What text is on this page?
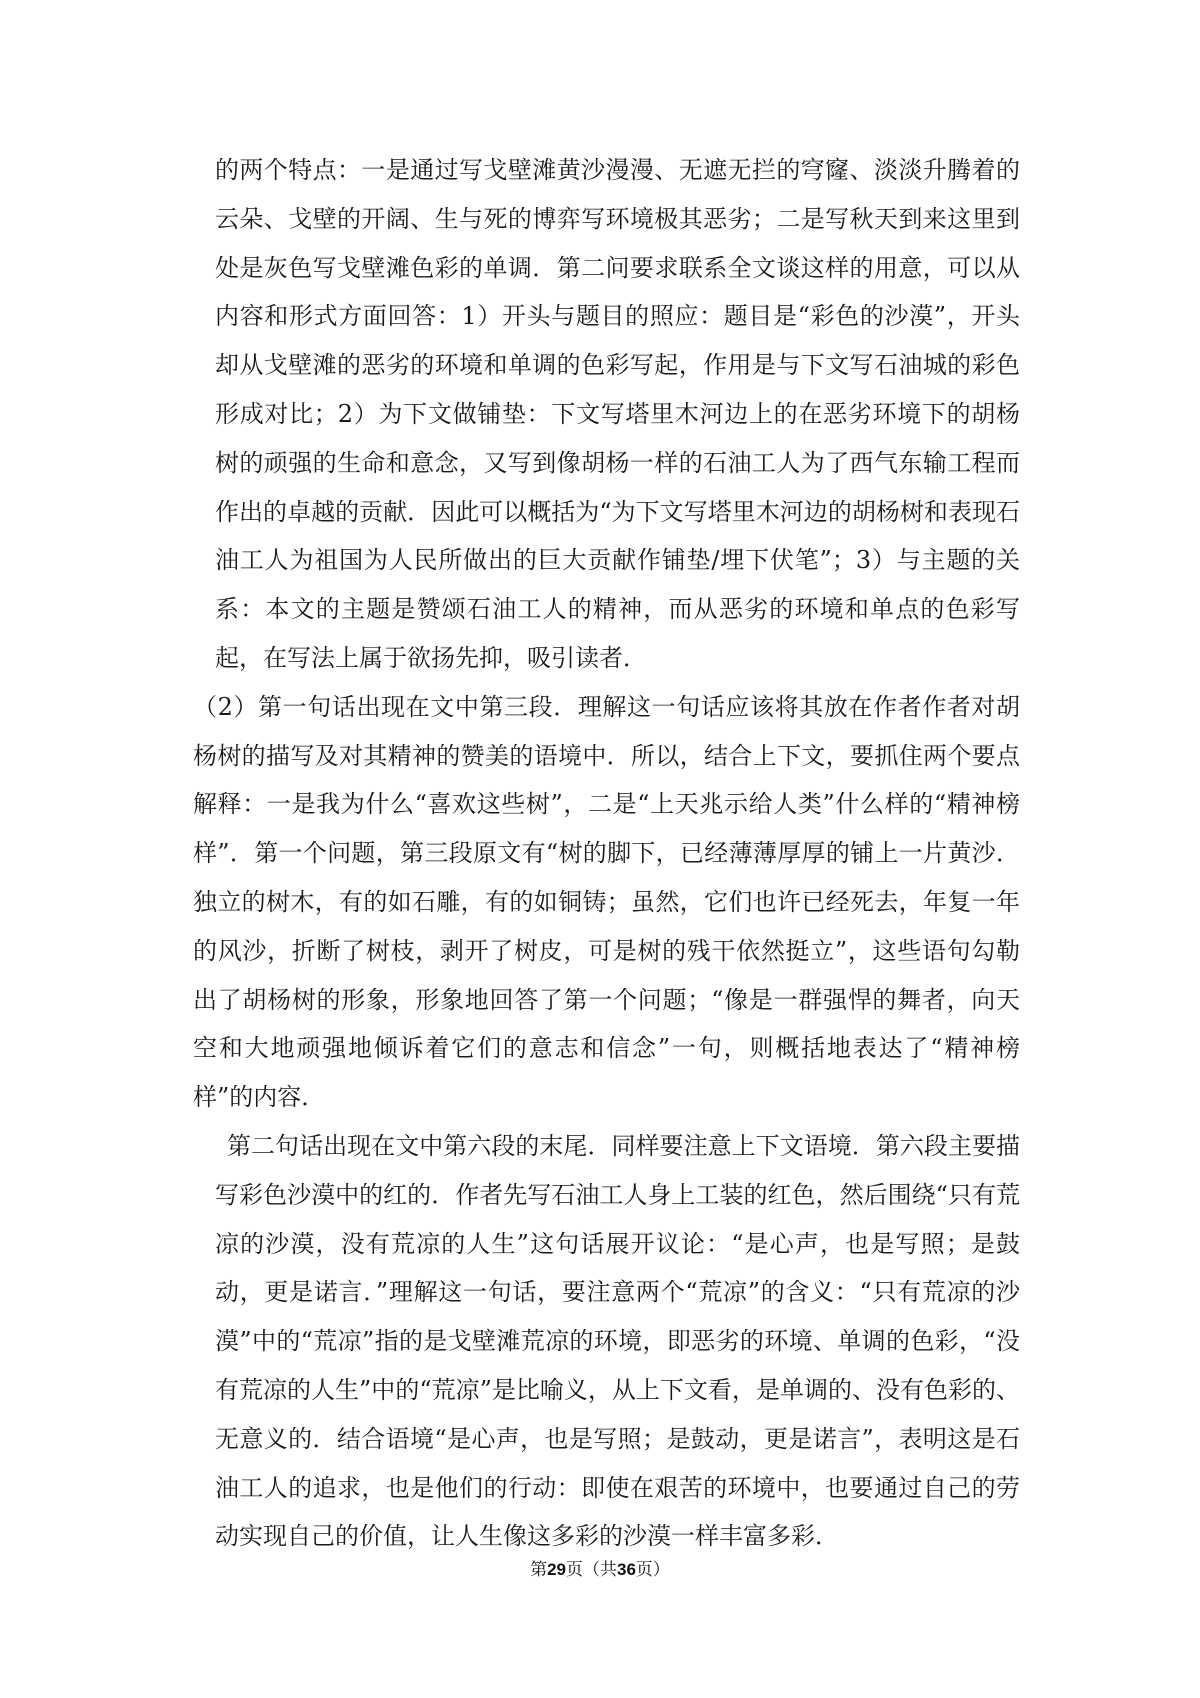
的两个特点：一是通过写戈壁滩黄沙漫漫、无遮无拦的穹窿、淡淡升腾着的云朵、戈壁的开阔、生与死的博弈写环境极其恶劣；二是写秋天到来这里到处是灰色写戈壁滩色彩的单调．第二问要求联系全文谈这样的用意，可以从内容和形式方面回答：1）开头与题目的照应：题目是“彩色的沙漠”，开头却从戈壁滩的恶劣的环境和单调的色彩写起，作用是与下文写石油城的彩色形成对比；2）为下文做铺垫：下文写塔里木河边上的在恶劣环境下的胡杨树的顽强的生命和意念，又写到像胡杨一样的石油工人为了西气东输工程而作出的卓越的贡献．因此可以概括为“为下文写塔里木河边的胡杨树和表现石油工人为祖国为人民所做出的巨大贡献作铺垫/埋下伏笔”；3）与主题的关系：本文的主题是赞颂石油工人的精神，而从恶劣的环境和单点的色彩写起，在写法上属于欲扬先抑，吸引读者．

（2）第一句话出现在文中第三段．理解这一句话应该将其放在作者作者对胡杨树的描写及对其精神的赞美的语境中．所以，结合上下文，要抓住两个要点解释：一是我为什么“喜欢这些树”，二是“上天兆示给人类”什么样的“精神榜样”．第一个问题，第三段原文有“树的脚下，已经薄薄厚厚的铺上一片黄沙．独立的树木，有的如石雕，有的如铜铸；虽然，它们也许已经死去，年复一年的风沙，折断了树枝，剥开了树皮，可是树的残干依然挺立”，这些语句勾勒出了胡杨树的形象，形象地回答了第一个问题；“像是一群强悍的舞者，向天空和大地顽强地倾诉着它们的意志和信念”一句，则概括地表达了“精神榜样”的内容．

第二句话出现在文中第六段的末尾．同样要注意上下文语境．第六段主要描写彩色沙漠中的红的．作者先写石油工人身上工装的红色，然后围绕“只有荒凉的沙漠，没有荒凉的人生”这句话展开议论：“是心声，也是写照；是鼓动，更是诺言．”理解这一句话，要注意两个“荒凉”的含义：“只有荒凉的沙漠”中的“荒凉”指的是戈壁滩荒凉的环境，即恶劣的环境、单调的色彩，“没有荒凉的人生”中的“荒凉”是比喻义，从上下文看，是单调的、没有色彩的、无意义的．结合语境“是心声，也是写照；是鼓动，更是诺言”，表明这是石油工人的追求，也是他们的行动：即使在艰苦的环境中，也要通过自己的劳动实现自己的价值，让人生像这多彩的沙漠一样丰富多彩．

第29页（共36页）
